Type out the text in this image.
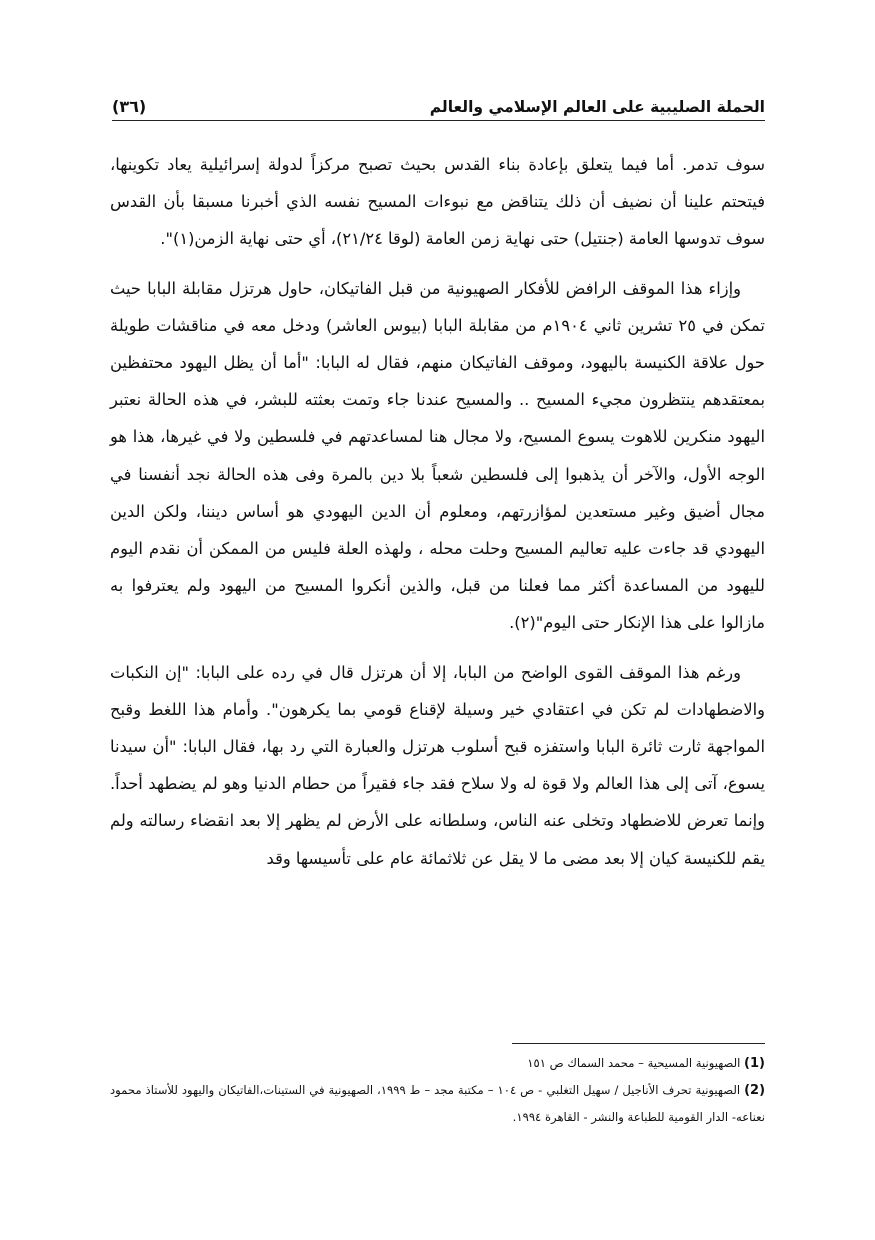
الحملة الصليبية على العالم الإسلامي والعالم
(٣٦)

سوف تدمر. أما فيما يتعلق بإعادة بناء القدس بحيث تصبح مركزاً لدولة إسرائيلية يعاد تكوينها، فيتحتم علينا أن نضيف أن ذلك يتناقض مع نبوءات المسيح نفسه الذي أخبرنا مسبقا بأن القدس سوف تدوسها العامة (جنتيل) حتى نهاية زمن العامة (لوقا ٢١/٢٤)، أي حتى نهاية الزمن(١)".

وإزاء هذا الموقف الرافض للأفكار الصهيونية من قبل الفاتيكان، حاول هرتزل مقابلة البابا حيث تمكن في ٢٥ تشرين ثاني ١٩٠٤م من مقابلة البابا (بيوس العاشر) ودخل معه في مناقشات طويلة حول علاقة الكنيسة باليهود، وموقف الفاتيكان منهم، فقال له البابا: "أما أن يظل اليهود محتفظين بمعتقدهم ينتظرون مجيء المسيح .. والمسيح عندنا جاء وتمت بعثته للبشر، في هذه الحالة نعتبر اليهود منكرين للاهوت يسوع المسيح، ولا مجال هنا لمساعدتهم في فلسطين ولا في غيرها، هذا هو الوجه الأول، والآخر أن يذهبوا إلى فلسطين شعباً بلا دين بالمرة وفى هذه الحالة نجد أنفسنا في مجال أضيق وغير مستعدين لمؤازرتهم، ومعلوم أن الدين اليهودي هو أساس ديننا، ولكن الدين اليهودي قد جاءت عليه تعاليم المسيح وحلت محله ، ولهذه العلة فليس من الممكن أن نقدم اليوم لليهود من المساعدة أكثر مما فعلنا من قبل، والذين أنكروا المسيح من اليهود ولم يعترفوا به مازالوا على هذا الإنكار حتى اليوم"(٢).

ورغم هذا الموقف القوى الواضح من البابا، إلا أن هرتزل قال في رده على البابا: "إن النكبات والاضطهادات لم تكن في اعتقادي خير وسيلة لإقناع قومي بما يكرهون". وأمام هذا اللغط وقبح المواجهة ثارت ثائرة البابا واستفزه قبح أسلوب هرتزل والعبارة التي رد بها، فقال البابا: "أن سيدنا يسوع، آتى إلى هذا العالم ولا قوة له ولا سلاح فقد جاء فقيراً من حطام الدنيا وهو لم يضطهد أحداً. وإنما تعرض للاضطهاد وتخلى عنه الناس، وسلطانه على الأرض لم يظهر إلا بعد انقضاء رسالته ولم يقم للكنيسة كيان إلا بعد مضى ما لا يقل عن ثلاثمائة عام على تأسيسها وقد

(1) الصهيونية المسيحية – محمد السماك ص ١٥١

(2) الصهيونية تحرف الأناجيل / سهيل التغلبي - ص ١٠٤ – مكتبة مجد – ط ١٩٩٩، الصهيونية في الستينات،الفاتيكان واليهود للأستاذ محمود نعناعه- الدار القومية للطباعة والنشر - القاهرة ١٩٩٤.
